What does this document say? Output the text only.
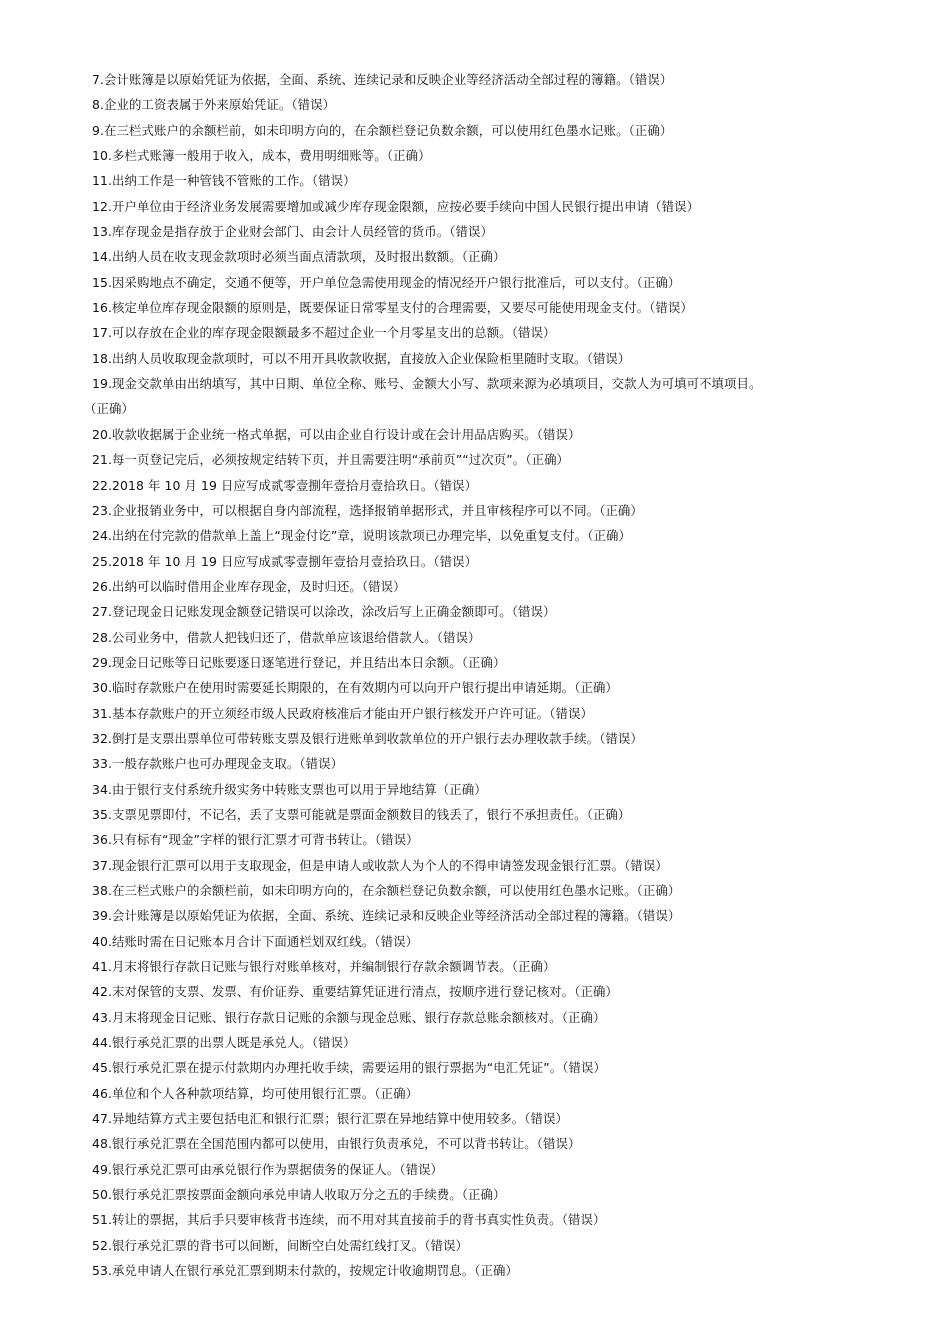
7.会计账簿是以原始凭证为依据，全面、系统、连续记录和反映企业等经济活动全部过程的簿籍。（错误）
8.企业的工资表属于外来原始凭证。（错误）
9.在三栏式账户的余额栏前，如未印明方向的，在余额栏登记负数余额，可以使用红色墨水记账。（正确）
10.多栏式账簿一般用于收入，成本，费用明细账等。（正确）
11.出纳工作是一种管钱不管账的工作。（错误）
12.开户单位由于经济业务发展需要增加或减少库存现金限额，应按必要手续向中国人民银行提出申请（错误）
13.库存现金是指存放于企业财会部门、由会计人员经管的货币。（错误）
14.出纳人员在收支现金款项时必须当面点清款项，及时报出数额。（正确）
15.因采购地点不确定，交通不便等，开户单位急需使用现金的情况经开户银行批准后，可以支付。（正确）
16.核定单位库存现金限额的原则是，既要保证日常零星支付的合理需要，又要尽可能使用现金支付。（错误）
17.可以存放在企业的库存现金限额最多不超过企业一个月零星支出的总额。（错误）
18.出纳人员收取现金款项时，可以不用开具收款收据，直接放入企业保险柜里随时支取。（错误）
19.现金交款单由出纳填写，其中日期、单位全称、账号、金额大小写、款项来源为必填项目，交款人为可填可不填项目。
（正确）
20.收款收据属于企业统一格式单据，可以由企业自行设计或在会计用品店购买。（错误）
21.每一页登记完后，必须按规定结转下页，并且需要注明“承前页”“过次页”。（正确）
22.2018 年 10 月 19 日应写成贰零壹捌年壹拾月壹拾玖日。（错误）
23.企业报销业务中，可以根据自身内部流程，选择报销单据形式，并且审核程序可以不同。（正确）
24.出纳在付完款的借款单上盖上“现金付讫”章，说明该款项已办理完毕，以免重复支付。（正确）
25.2018 年 10 月 19 日应写成贰零壹捌年壹拾月壹拾玖日。（错误）
26.出纳可以临时借用企业库存现金，及时归还。（错误）
27.登记现金日记账发现金额登记错误可以涂改，涂改后写上正确金额即可。（错误）
28.公司业务中，借款人把钱归还了，借款单应该退给借款人。（错误）
29.现金日记账等日记账要逐日逐笔进行登记，并且结出本日余额。（正确）
30.临时存款账户在使用时需要延长期限的，在有效期内可以向开户银行提出申请延期。（正确）
31.基本存款账户的开立须经市级人民政府核准后才能由开户银行核发开户许可证。（错误）
32.倒打是支票出票单位可带转账支票及银行进账单到收款单位的开户银行去办理收款手续。（错误）
33.一般存款账户也可办理现金支取。（错误）
34.由于银行支付系统升级实务中转账支票也可以用于异地结算（正确）
35.支票见票即付，不记名，丢了支票可能就是票面金额数目的钱丢了，银行不承担责任。（正确）
36.只有标有“现金”字样的银行汇票才可背书转让。（错误）
37.现金银行汇票可以用于支取现金，但是申请人或收款人为个人的不得申请签发现金银行汇票。（错误）
38.在三栏式账户的余额栏前，如未印明方向的，在余额栏登记负数余额，可以使用红色墨水记账。（正确）
39.会计账簿是以原始凭证为依据，全面、系统、连续记录和反映企业等经济活动全部过程的簿籍。（错误）
40.结账时需在日记账本月合计下面通栏划双红线。（错误）
41.月末将银行存款日记账与银行对账单核对，并编制银行存款余额调节表。（正确）
42.末对保管的支票、发票、有价证券、重要结算凭证进行清点，按顺序进行登记核对。（正确）
43.月末将现金日记账、银行存款日记账的余额与现金总账、银行存款总账余额核对。（正确）
44.银行承兑汇票的出票人既是承兑人。（错误）
45.银行承兑汇票在提示付款期内办理托收手续，需要运用的银行票据为“电汇凭证”。（错误）
46.单位和个人各种款项结算，均可使用银行汇票。（正确）
47.异地结算方式主要包括电汇和银行汇票；银行汇票在异地结算中使用较多。（错误）
48.银行承兑汇票在全国范围内都可以使用，由银行负责承兑，不可以背书转让。（错误）
49.银行承兑汇票可由承兑银行作为票据债务的保证人。（错误）
50.银行承兑汇票按票面金额向承兑申请人收取万分之五的手续费。（正确）
51.转让的票据，其后手只要审核背书连续，而不用对其直接前手的背书真实性负责。（错误）
52.银行承兑汇票的背书可以间断，间断空白处需红线打叉。（错误）
53.承兑申请人在银行承兑汇票到期未付款的，按规定计收逾期罚息。（正确）
